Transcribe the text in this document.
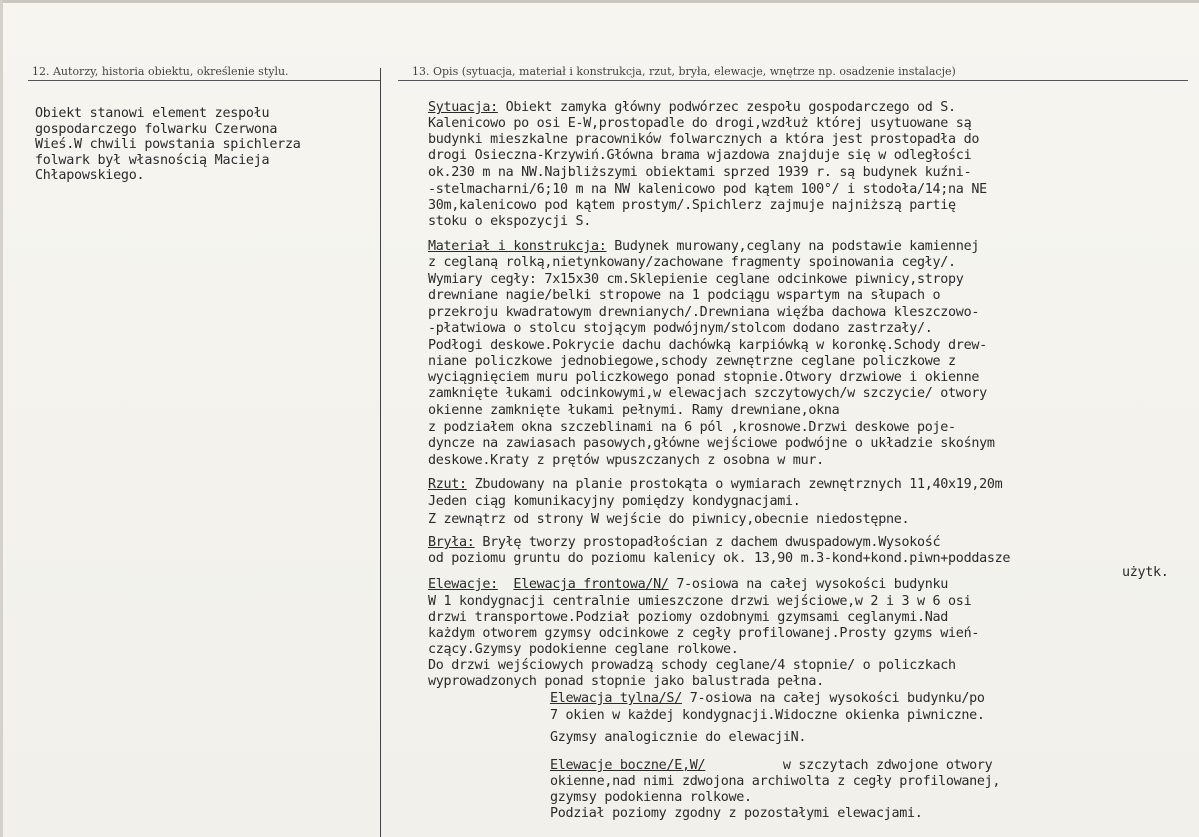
12. Autorzy, historia obiektu, określenie stylu.	13. Opis (sytuacja, materiał i konstrukcja, rzut, bryła, elewacje, wnętrze np. osadzenie instalacje)
Obiekt stanowi element zespołu
gospodarczego folwarku Czerwona
Wieś.W chwili powstania spichlerza
folwark był własnością Macieja
Chłapowskiego.
Sytuacja: Obiekt zamyka główny podwórzec zespołu gospodarczego od S.
Kalenicowo po osi E-W,prostopadle do drogi,wzdłuż której usytuowane są
budynki mieszkalne pracowników folwarcznych a która jest prostopadła do
drogi Osieczna-Krzywiń.Główna brama wjazdowa znajduje się w odległości
ok.230 m na NW.Najbliższymi obiektami sprzed 1939 r. są budynek kuźni-
-stelmacharni/6;10 m na NW kalenicowo pod kątem 100°/ i stodoła/14;na NE
30m,kalenicowo pod kątem prostym/.Spichlerz zajmuje najniższą partię
stoku o ekspozycji S.
Materiał i konstrukcja: Budynek murowany,ceglany na podstawie kamiennej
z ceglaną rolką,nietynkowany/zachowane fragmenty spoinowania cegły/.
Wymiary cegły: 7x15x30 cm.Sklepienie ceglane odcinkowe piwnicy,stropy
drewniane nagie/belki stropowe na 1 podciągu wspartym na słupach o
przekroju kwadratowym drewnianych/.Drewniana więźba dachowa kleszczowo-
-płatwiowa o stolcu stojącym podwójnym/stolcom dodano zastrzały/.
Podłogi deskowe.Pokrycie dachu dachówką karpiówką w koronkę.Schody drew-
niane policzkowe jednobiegowe,schody zewnętrzne ceglane policzkowe z
wyciągnięciem muru policzkowego ponad stopnie.Otwory drzwiowe i okienne
zamknięte łukami odcinkowymi,w elewacjach szczytowych/w szczycie/ otwory
okienne zamknięte łukami pełnymi. Ramy drewniane,okna
z podziałem okna szczeblinami na 6 pól ,krosnowe.Drzwi deskowe poje-
dyncze na zawiasach pasowych,główne wejściowe podwójne o układzie skośnym
deskowe.Kraty z prętów wpuszczanych z osobna w mur.
Rzut: Zbudowany na planie prostokąta o wymiarach zewnętrznych 11,40x19,20m
Jeden ciąg komunikacyjny pomiędzy kondygnacjami.
Z zewnątrz od strony W wejście do piwnicy,obecnie niedostępne.
Bryła: Bryłę tworzy prostopadłościan z dachem dwuspadowym.Wysokość
od poziomu gruntu do poziomu kalenicy ok. 13,90 m.3-kond+kond.piwn+poddasze
użytk.
Elewacje: Elewacja frontowa/N/ 7-osiowa na całej wysokości budynku
W 1 kondygnacji centralnie umieszczone drzwi wejściowe,w 2 i 3 w 6 osi
drzwi transportowe.Podział poziomy ozdobnymi gzymsami ceglanymi.Nad
każdym otworem gzymsy odcinkowe z cegły profilowanej.Prosty gzyms wień-
czący.Gzymsy podokienne ceglane rolkowe.
Do drzwi wejściowych prowadzą schody ceglane/4 stopnie/ o policzkach
wyprowadzonych ponad stopnie jako balustrada pełna.
Elewacja tylna/S/ 7-osiowa na całej wysokości budynku/po
7 okien w każdej kondygnacji.Widoczne okienka piwniczne.
Gzymsy analogicznie do elewacjiN.
Elewacje boczne/E,W/	w szczytach zdwojone otwory
okienne,nad nimi zdwojona archiwolta z cegły profilowanej,
gzymsy podokienna rolkowe.
Podział poziomy zgodny z pozostałymi elewacjami.
